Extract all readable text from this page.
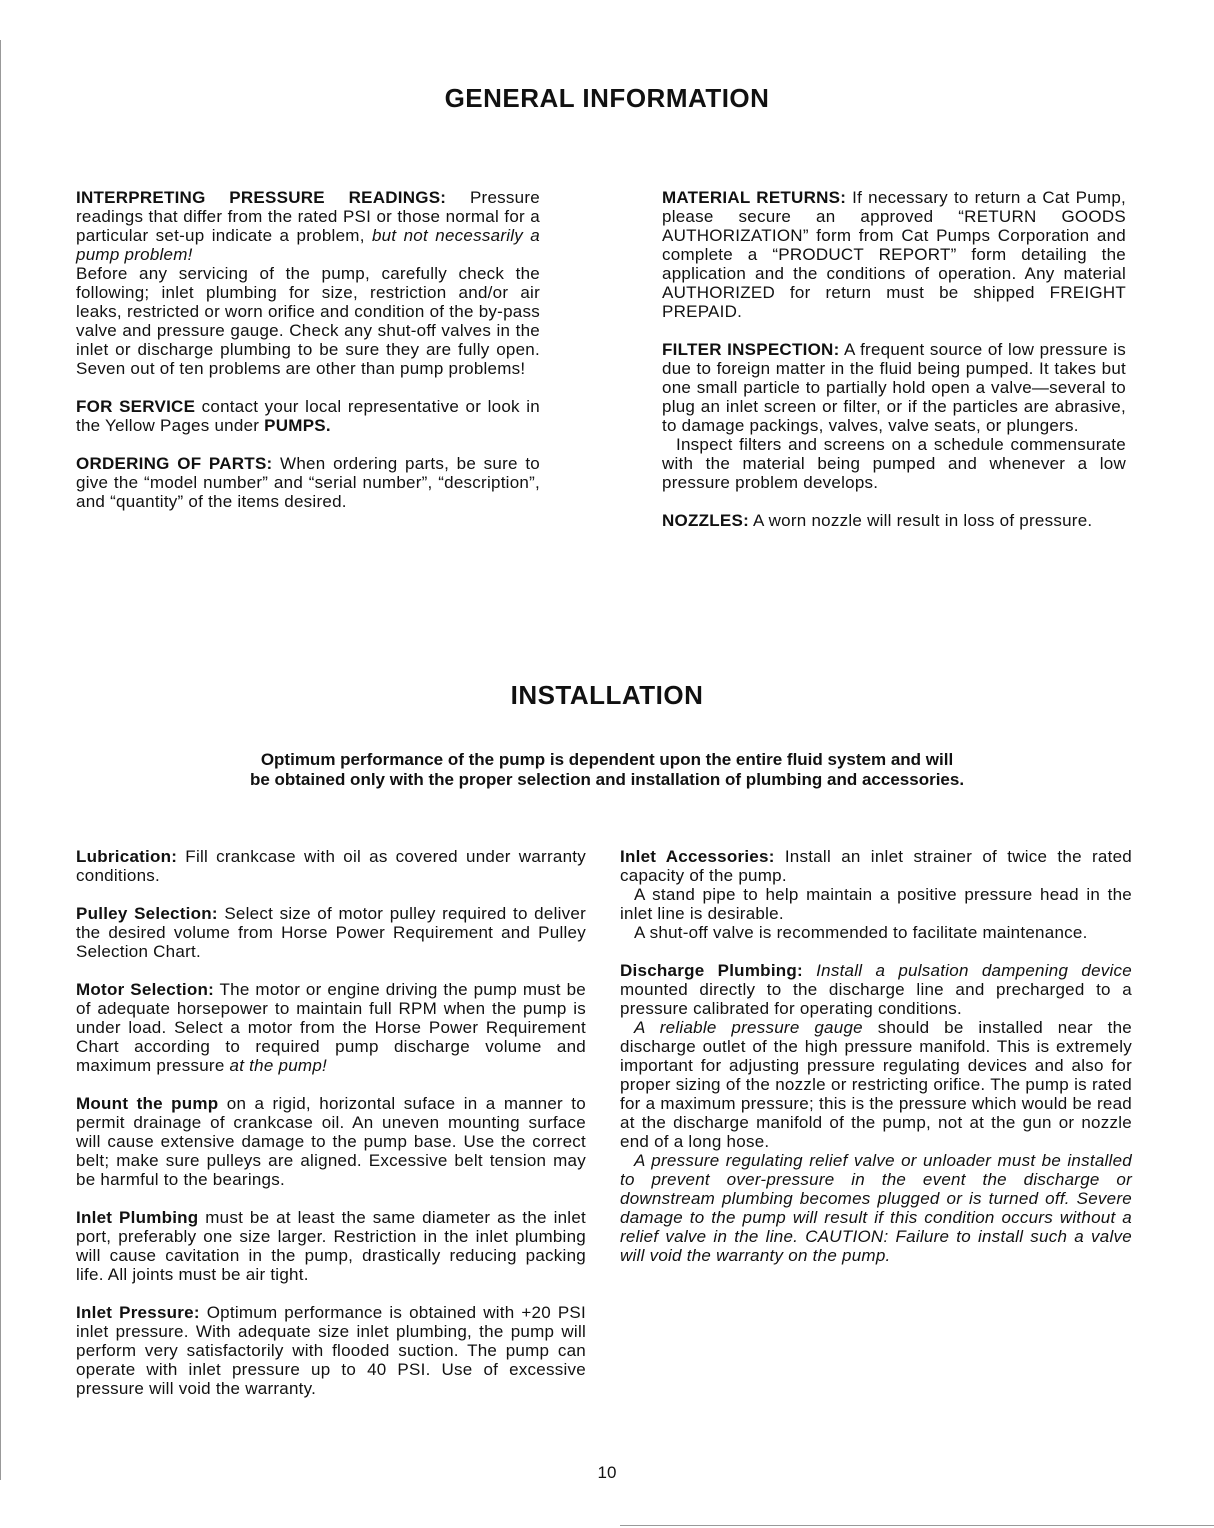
GENERAL INFORMATION

INTERPRETING PRESSURE READINGS: Pressure readings that differ from the rated PSI or those normal for a particular set-up indicate a problem, but not necessarily a pump problem!

Before any servicing of the pump, carefully check the following; inlet plumbing for size, restriction and/or air leaks, restricted or worn orifice and condition of the by-pass valve and pressure gauge. Check any shut-off valves in the inlet or discharge plumbing to be sure they are fully open. Seven out of ten problems are other than pump problems!

FOR SERVICE contact your local representative or look in the Yellow Pages under PUMPS.

ORDERING OF PARTS: When ordering parts, be sure to give the “model number” and “serial number”, “description”, and “quantity” of the items desired.

MATERIAL RETURNS: If necessary to return a Cat Pump, please secure an approved “RETURN GOODS AUTHORIZATION” form from Cat Pumps Corporation and complete a “PRODUCT REPORT” form detailing the application and the conditions of operation. Any material AUTHORIZED for return must be shipped FREIGHT PREPAID.

FILTER INSPECTION: A frequent source of low pressure is due to foreign matter in the fluid being pumped. It takes but one small particle to partially hold open a valve—several to plug an inlet screen or filter, or if the particles are abrasive, to damage packings, valves, valve seats, or plungers.

Inspect filters and screens on a schedule commensurate with the material being pumped and whenever a low pressure problem develops.

NOZZLES: A worn nozzle will result in loss of pressure.

INSTALLATION
Optimum performance of the pump is dependent upon the entire fluid system and will
be obtained only with the proper selection and installation of plumbing and accessories.

Lubrication: Fill crankcase with oil as covered under warranty conditions.

Pulley Selection: Select size of motor pulley required to deliver the desired volume from Horse Power Requirement and Pulley Selection Chart.

Motor Selection: The motor or engine driving the pump must be of adequate horsepower to maintain full RPM when the pump is under load. Select a motor from the Horse Power Requirement Chart according to required pump discharge volume and maximum pressure at the pump!

Mount the pump on a rigid, horizontal suface in a manner to permit drainage of crankcase oil. An uneven mounting surface will cause extensive damage to the pump base. Use the correct belt; make sure pulleys are aligned. Excessive belt tension may be harmful to the bearings.

Inlet Plumbing must be at least the same diameter as the inlet port, preferably one size larger. Restriction in the inlet plumbing will cause cavitation in the pump, drastically reducing packing life. All joints must be air tight.

Inlet Pressure: Optimum performance is obtained with +20 PSI inlet pressure. With adequate size inlet plumbing, the pump will perform very satisfactorily with flooded suction. The pump can operate with inlet pressure up to 40 PSI. Use of excessive pressure will void the warranty.

Inlet Accessories: Install an inlet strainer of twice the rated capacity of the pump.

A stand pipe to help maintain a positive pressure head in the inlet line is desirable.

A shut-off valve is recommended to facilitate maintenance.

Discharge Plumbing: Install a pulsation dampening device mounted directly to the discharge line and precharged to a pressure calibrated for operating conditions.

A reliable pressure gauge should be installed near the discharge outlet of the high pressure manifold. This is extremely important for adjusting pressure regulating devices and also for proper sizing of the nozzle or restricting orifice. The pump is rated for a maximum pressure; this is the pressure which would be read at the discharge manifold of the pump, not at the gun or nozzle end of a long hose.

A pressure regulating relief valve or unloader must be installed to prevent over-pressure in the event the discharge or downstream plumbing becomes plugged or is turned off. Severe damage to the pump will result if this condition occurs without a relief valve in the line. CAUTION: Failure to install such a valve will void the warranty on the pump.

10
